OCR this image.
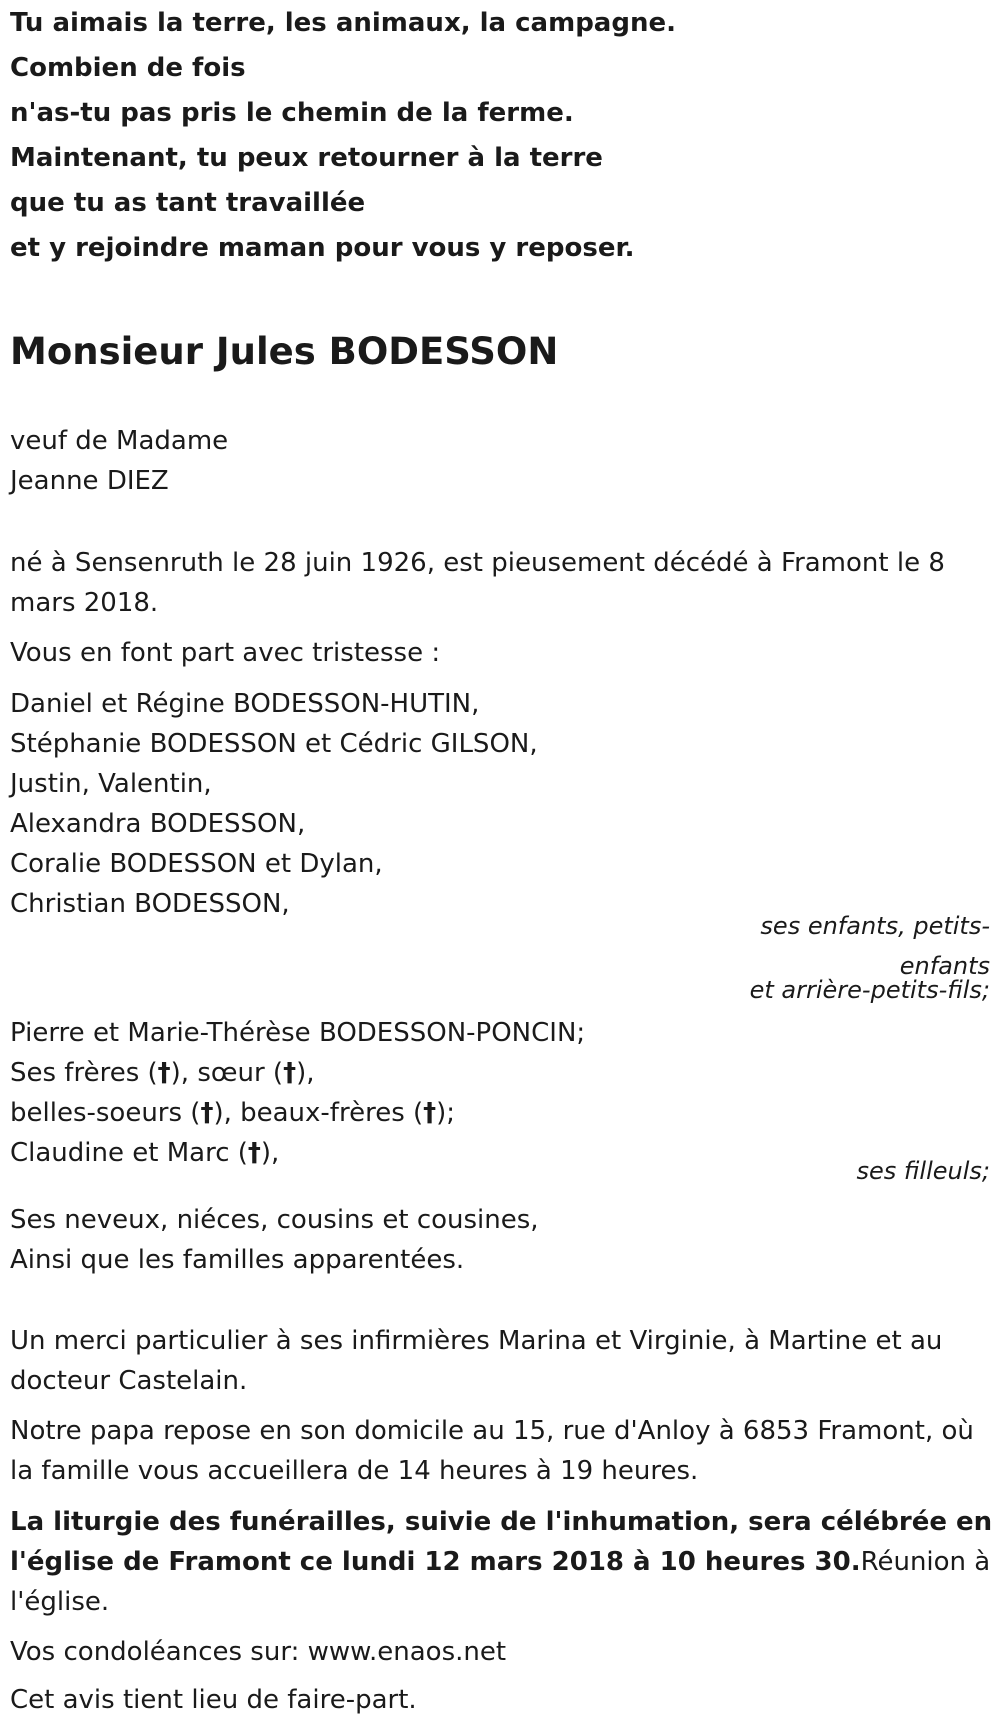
Tu aimais la terre, les animaux, la campagne.
Combien de fois
n'as-tu pas pris le chemin de la ferme.
Maintenant, tu peux retourner à la terre
que tu as tant travaillée
et y rejoindre maman pour vous y reposer.
Monsieur Jules BODESSON
veuf de Madame
Jeanne DIEZ
né à Sensenruth le 28 juin 1926, est pieusement décédé à Framont le 8
mars 2018.
Vous en font part avec tristesse :
Daniel et Régine BODESSON-HUTIN,
Stéphanie BODESSON et Cédric GILSON,
Justin, Valentin,
Alexandra BODESSON,
Coralie BODESSON et Dylan,
Christian BODESSON,
ses enfants, petits-
enfants
et arrière-petits-fils;
Pierre et Marie-Thérèse BODESSON-PONCIN;
Ses frères (†), sœur (†),
belles-soeurs (†), beaux-frères (†);
Claudine et Marc (†),
ses filleuls;
Ses neveux, niéces, cousins et cousines,
Ainsi que les familles apparentées.
Un merci particulier à ses infirmières Marina et Virginie, à Martine et au
docteur Castelain.
Notre papa repose en son domicile au 15, rue d'Anloy à 6853 Framont, où
la famille vous accueillera de 14 heures à 19 heures.
La liturgie des funérailles, suivie de l'inhumation, sera célébrée en
l'église de Framont ce lundi 12 mars 2018 à 10 heures 30.Réunion à
l'église.
Vos condoléances sur: www.enaos.net
Cet avis tient lieu de faire-part.
